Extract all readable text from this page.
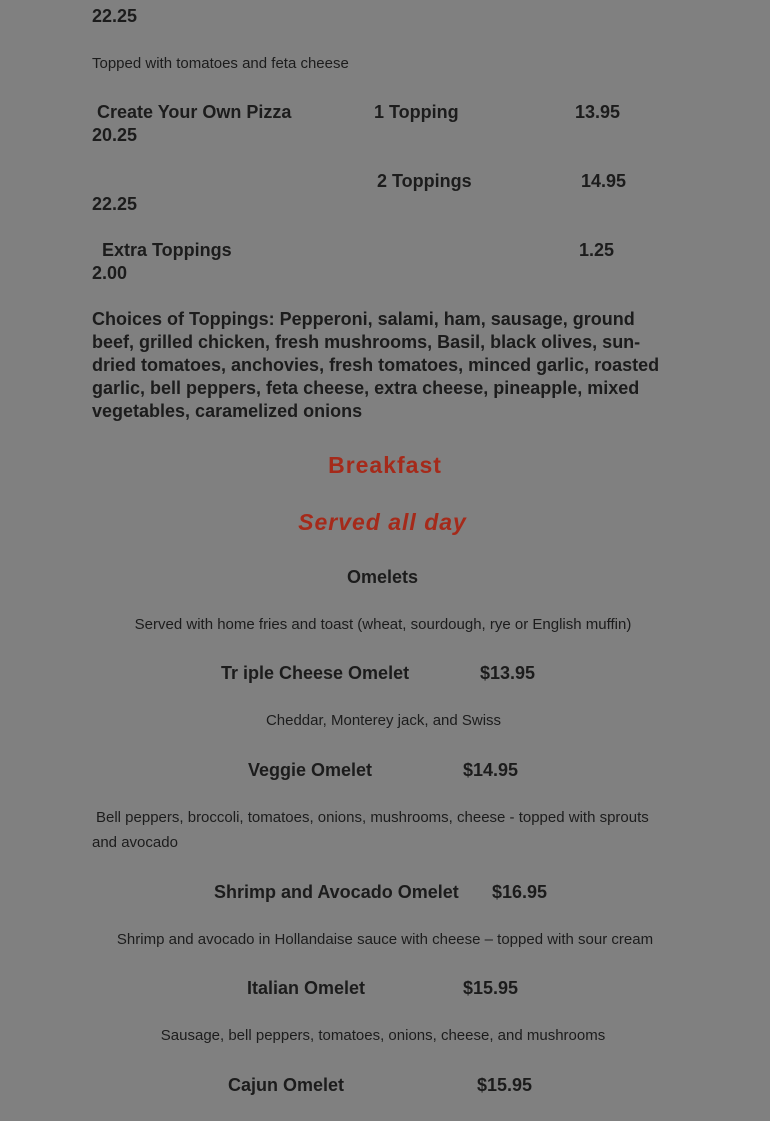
22.25
Topped with tomatoes and feta cheese
Create Your Own Pizza	1 Topping	13.95
20.25
2 Toppings	14.95
22.25
Extra Toppings	1.25
2.00
Choices of Toppings: Pepperoni, salami, ham, sausage, ground beef, grilled chicken, fresh mushrooms, Basil, black olives, sun-dried tomatoes, anchovies, fresh tomatoes, minced garlic, roasted garlic, bell peppers, feta cheese, extra cheese, pineapple, mixed vegetables, caramelized onions
Breakfast
Served all day
Omelets
Served with home fries and toast (wheat, sourdough, rye or English muffin)
Tr iple Cheese Omelet	$13.95
Cheddar, Monterey jack, and Swiss
Veggie Omelet	$14.95
Bell peppers, broccoli, tomatoes, onions, mushrooms, cheese - topped with sprouts and avocado
Shrimp and Avocado Omelet $16.95
Shrimp and avocado in Hollandaise sauce with cheese – topped with sour cream
Italian Omelet	$15.95
Sausage, bell peppers, tomatoes, onions, cheese, and mushrooms
Cajun Omelet	$15.95
